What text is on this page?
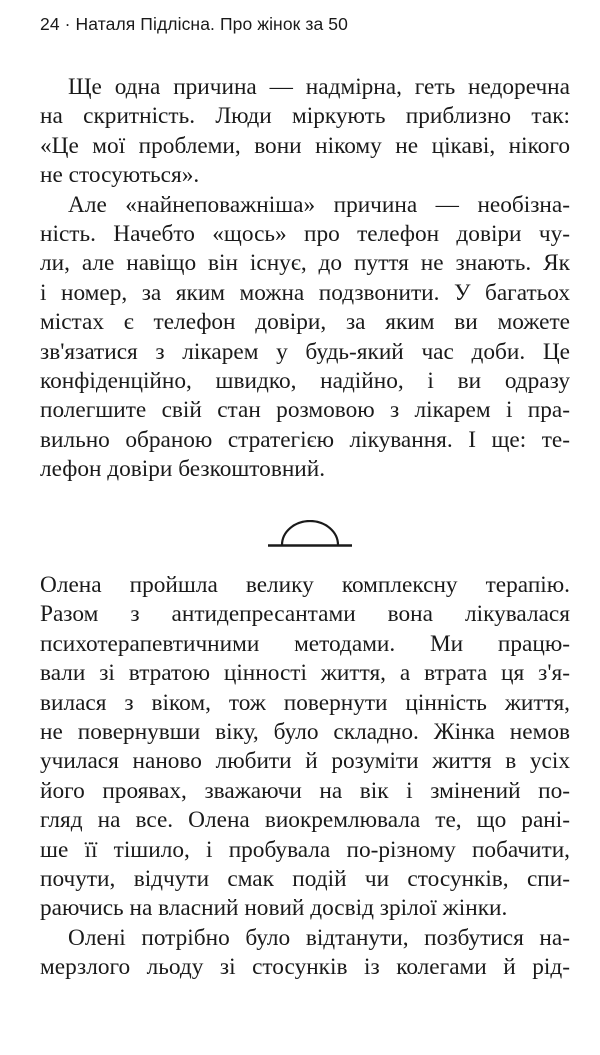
24 · Наталя Підлісна. Про жінок за 50
Ще одна причина — надмірна, геть недоречна
на скритність. Люди міркують приблизно так:
«Це мої проблеми, вони нікому не цікаві, нікого
не стосуються».
Але «найнеповажніша» причина — необізна-
ність. Начебто «щось» про телефон довіри чу-
ли, але навіщо він існує, до пуття не знають. Як
і номер, за яким можна подзвонити. У багатьох
містах є телефон довіри, за яким ви можете
зв'язатися з лікарем у будь-який час доби. Це
конфіденційно, швидко, надійно, і ви одразу
полегшите свій стан розмовою з лікарем і пра-
вильно обраною стратегією лікування. І ще: те-
лефон довіри безкоштовний.
Олена пройшла велику комплексну терапію.
Разом з антидепресантами вона лікувалася
психотерапевтичними методами. Ми працю-
вали зі втратою цінності життя, а втрата ця з'я-
вилася з віком, тож повернути цінність життя,
не повернувши віку, було складно. Жінка немов
училася наново любити й розуміти життя в усіх
його проявах, зважаючи на вік і змінений по-
гляд на все. Олена виокремлювала те, що рані-
ше її тішило, і пробувала по-різному побачити,
почути, відчути смак подій чи стосунків, спи-
раючись на власний новий досвід зрілої жінки.
Олені потрібно було відтанути, позбутися на-
мерзлого льоду зі стосунків із колегами й рід-
